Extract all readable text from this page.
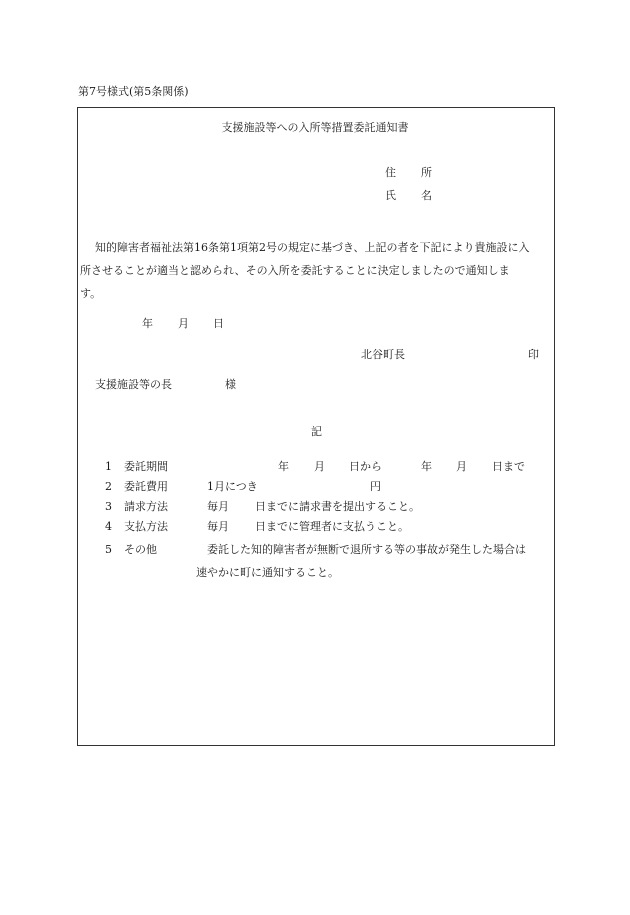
第7号様式(第5条関係)
支援施設等への入所等措置委託通知書
住 所
氏 名
知的障害者福祉法第16条第1項第2号の規定に基づき、上記の者を下記により貴施設に入
所させることが適当と認められ、その入所を委託することに決定しましたので通知しま
す。
年 月 日
北谷町長	印
支援施設等の長	様
記
1 委託期間	年 月 日から	年 月 日まで
2 委託費用	1月につき	円
3 請求方法	毎月 日までに請求書を提出すること。
4 支払方法	毎月 日までに管理者に支払うこと。
5 その他	委託した知的障害者が無断で退所する等の事故が発生した場合は
速やかに町に通知すること。
